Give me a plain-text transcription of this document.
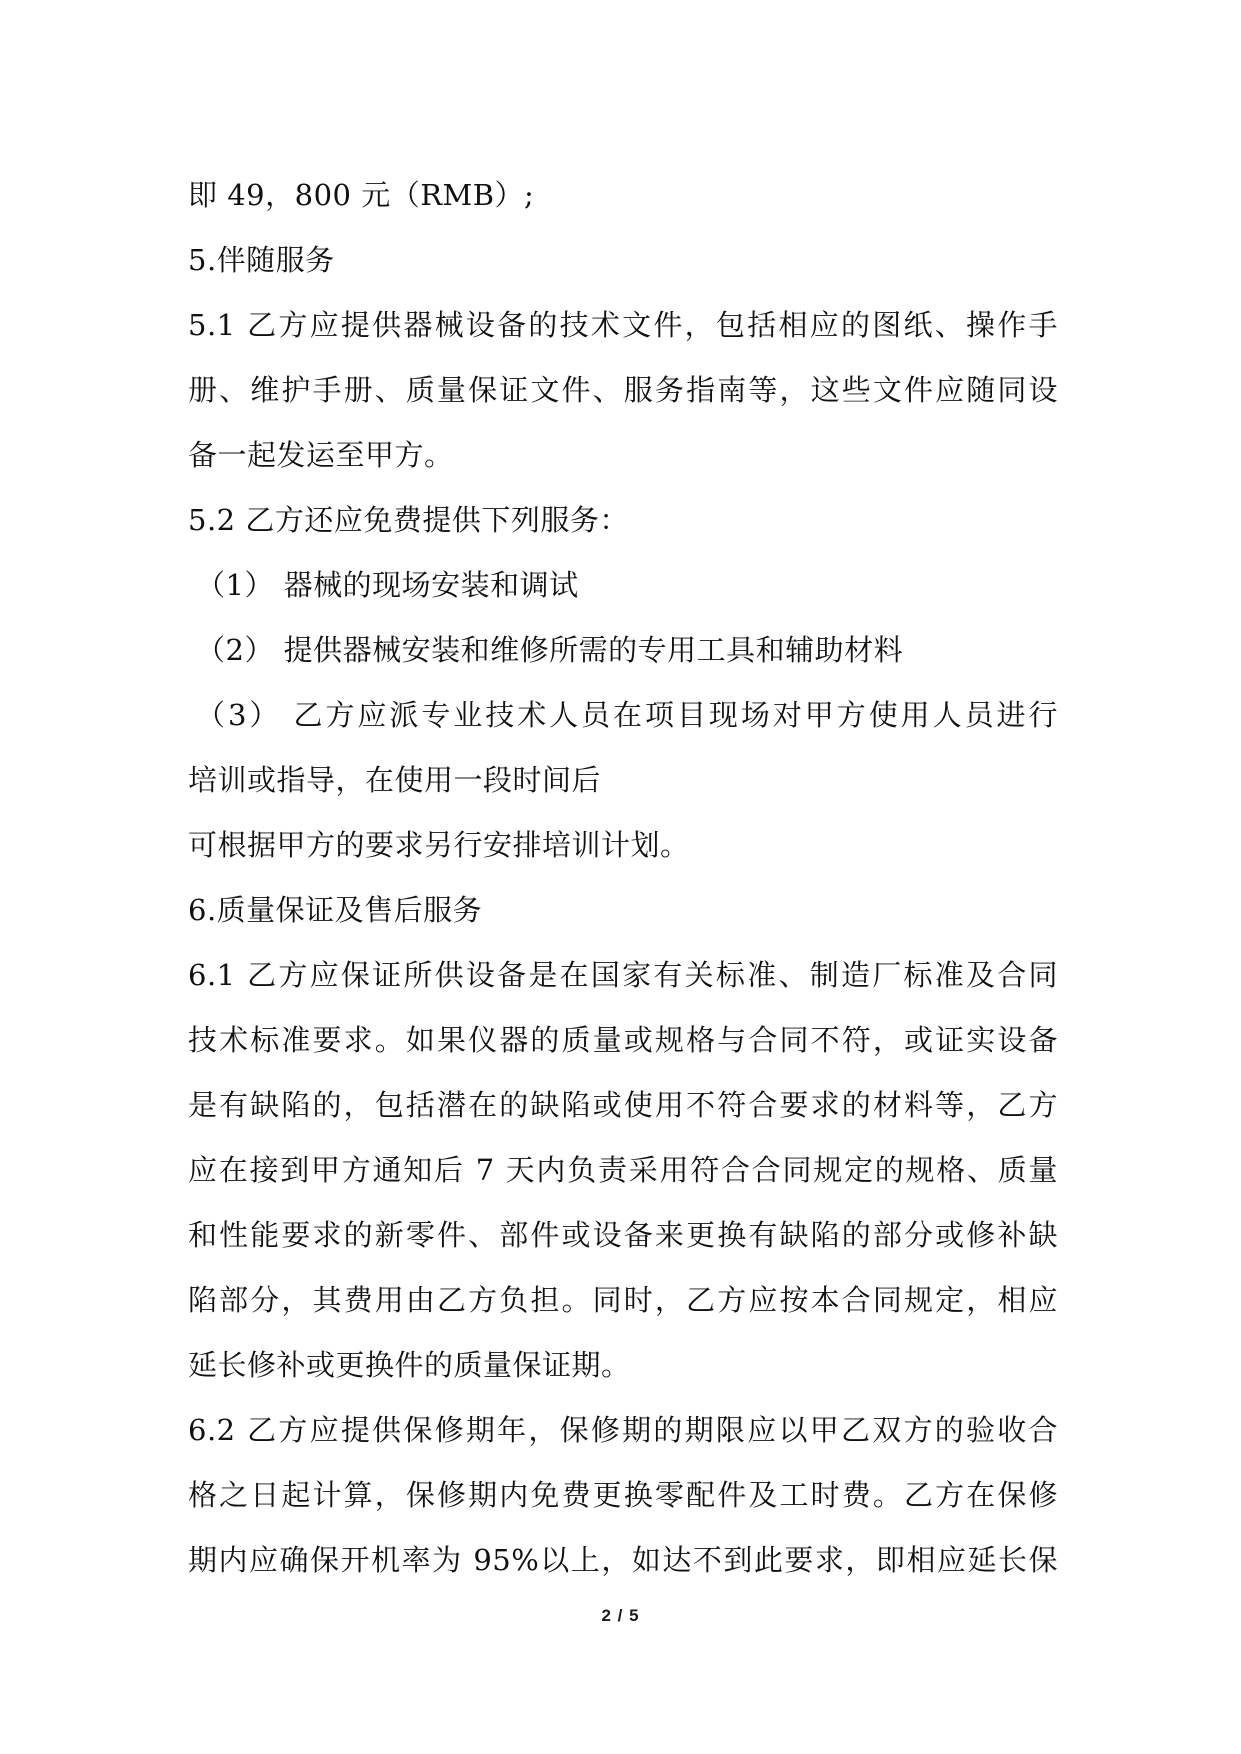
即 49，800 元（RMB）;
5.伴随服务
5.1 乙方应提供器械设备的技术文件，包括相应的图纸、操作手
册、维护手册、质量保证文件、服务指南等，这些文件应随同设
备一起发运至甲方。
5.2 乙方还应免费提供下列服务：
（1） 器械的现场安装和调试
（2） 提供器械安装和维修所需的专用工具和辅助材料
（3） 乙方应派专业技术人员在项目现场对甲方使用人员进行
培训或指导，在使用一段时间后
可根据甲方的要求另行安排培训计划。
6.质量保证及售后服务
6.1 乙方应保证所供设备是在国家有关标准、制造厂标准及合同
技术标准要求。如果仪器的质量或规格与合同不符，或证实设备
是有缺陷的，包括潜在的缺陷或使用不符合要求的材料等，乙方
应在接到甲方通知后 7 天内负责采用符合合同规定的规格、质量
和性能要求的新零件、部件或设备来更换有缺陷的部分或修补缺
陷部分，其费用由乙方负担。同时，乙方应按本合同规定，相应
延长修补或更换件的质量保证期。
6.2 乙方应提供保修期年，保修期的期限应以甲乙双方的验收合
格之日起计算，保修期内免费更换零配件及工时费。乙方在保修
期内应确保开机率为 95%以上，如达不到此要求，即相应延长保
2 / 5
